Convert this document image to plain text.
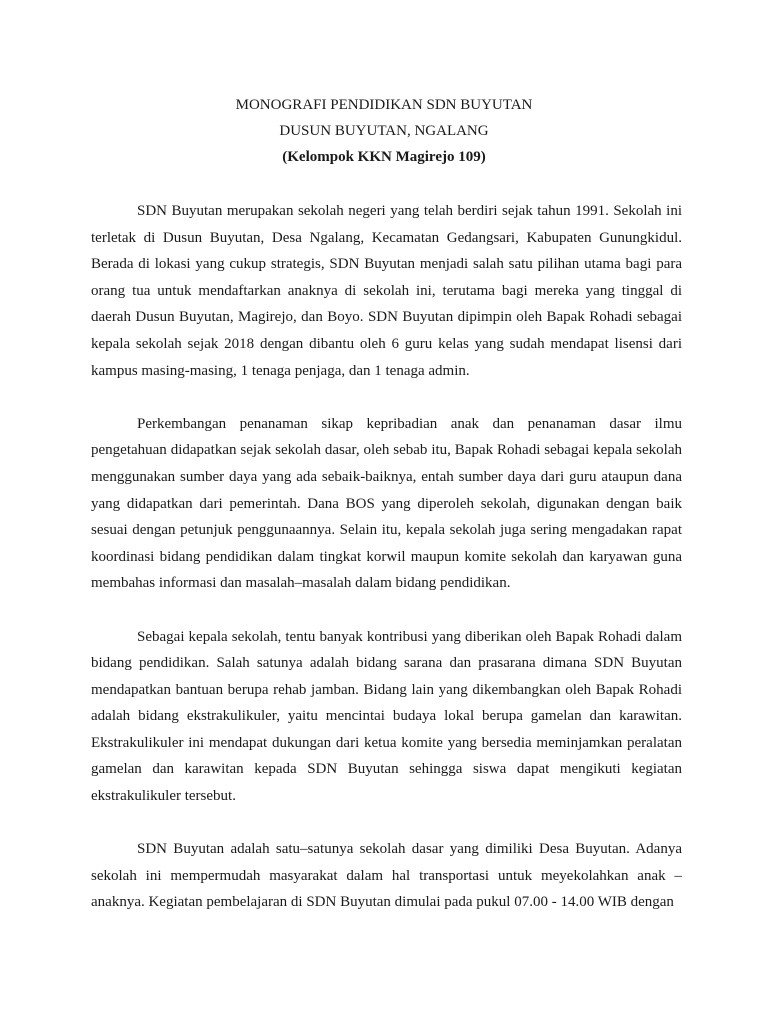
MONOGRAFI PENDIDIKAN SDN BUYUTAN
DUSUN BUYUTAN, NGALANG
(Kelompok KKN Magirejo 109)

SDN Buyutan merupakan sekolah negeri yang telah berdiri sejak tahun 1991. Sekolah ini terletak di Dusun Buyutan, Desa Ngalang, Kecamatan Gedangsari, Kabupaten Gunungkidul. Berada di lokasi yang cukup strategis, SDN Buyutan menjadi salah satu pilihan utama bagi para orang tua untuk mendaftarkan anaknya di sekolah ini, terutama bagi mereka yang tinggal di daerah Dusun Buyutan, Magirejo, dan Boyo. SDN Buyutan dipimpin oleh Bapak Rohadi sebagai kepala sekolah sejak 2018 dengan dibantu oleh 6 guru kelas yang sudah mendapat lisensi dari kampus masing-masing, 1 tenaga penjaga, dan 1 tenaga admin.

Perkembangan penanaman sikap kepribadian anak dan penanaman dasar ilmu pengetahuan didapatkan sejak sekolah dasar, oleh sebab itu, Bapak Rohadi sebagai kepala sekolah menggunakan sumber daya yang ada sebaik-baiknya, entah sumber daya dari guru ataupun dana yang didapatkan dari pemerintah. Dana BOS yang diperoleh sekolah, digunakan dengan baik sesuai dengan petunjuk penggunaannya. Selain itu, kepala sekolah juga sering mengadakan rapat koordinasi bidang pendidikan dalam tingkat korwil maupun komite sekolah dan karyawan guna membahas informasi dan masalah–masalah dalam bidang pendidikan.

Sebagai kepala sekolah, tentu banyak kontribusi yang diberikan oleh Bapak Rohadi dalam bidang pendidikan. Salah satunya adalah bidang sarana dan prasarana dimana SDN Buyutan mendapatkan bantuan berupa rehab jamban. Bidang lain yang dikembangkan oleh Bapak Rohadi adalah bidang ekstrakulikuler, yaitu mencintai budaya lokal berupa gamelan dan karawitan. Ekstrakulikuler ini mendapat dukungan dari ketua komite yang bersedia meminjamkan peralatan gamelan dan karawitan kepada SDN Buyutan sehingga siswa dapat mengikuti kegiatan ekstrakulikuler tersebut.

SDN Buyutan adalah satu–satunya sekolah dasar yang dimiliki Desa Buyutan. Adanya sekolah ini mempermudah masyarakat dalam hal transportasi untuk meyekolahkan anak – anaknya. Kegiatan pembelajaran di SDN Buyutan dimulai pada pukul 07.00 - 14.00 WIB dengan
